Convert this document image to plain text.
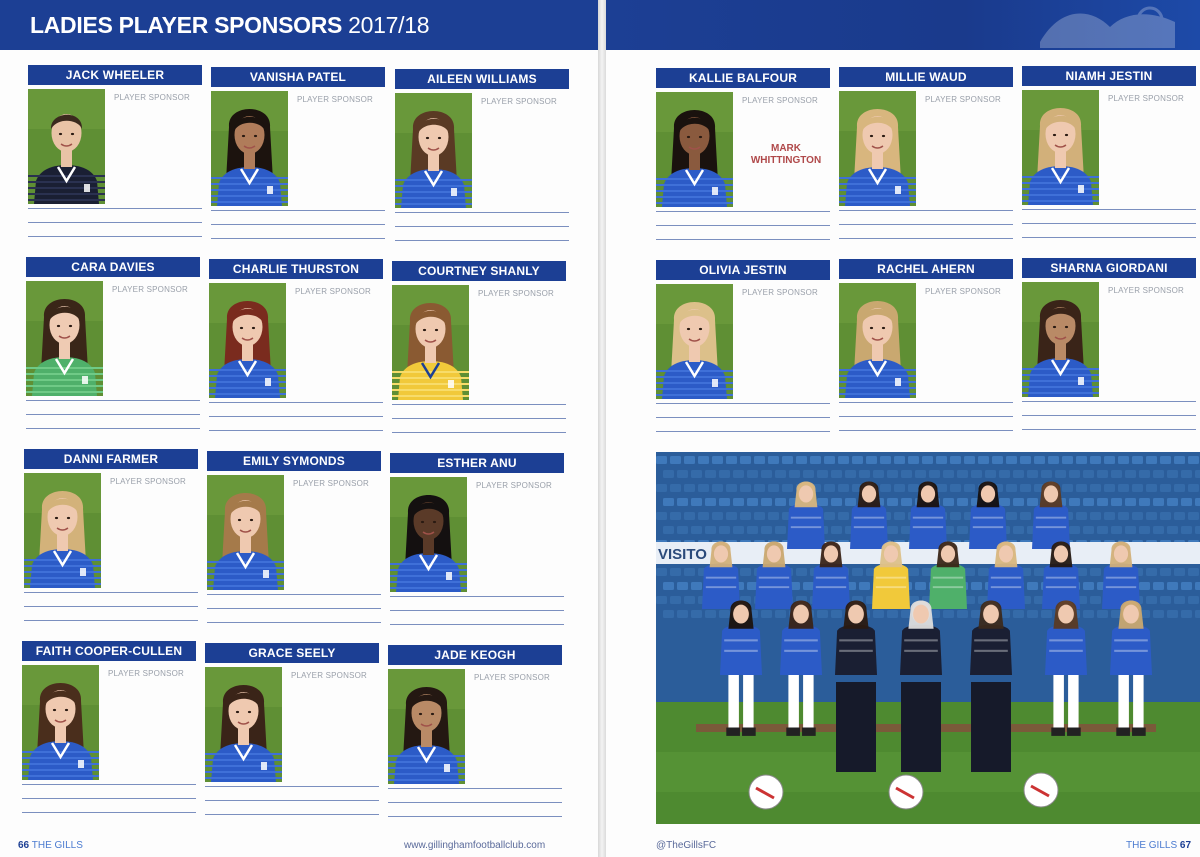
LADIES PLAYER SPONSORS 2017/18
JACK WHEELER
PLAYER SPONSOR
VANISHA PATEL
PLAYER SPONSOR
AILEEN WILLIAMS
PLAYER SPONSOR
CARA DAVIES
PLAYER SPONSOR
CHARLIE THURSTON
PLAYER SPONSOR
COURTNEY SHANLY
PLAYER SPONSOR
DANNI FARMER
PLAYER SPONSOR
EMILY SYMONDS
PLAYER SPONSOR
ESTHER ANU
PLAYER SPONSOR
FAITH COOPER-CULLEN
PLAYER SPONSOR
GRACE SEELY
PLAYER SPONSOR
JADE KEOGH
PLAYER SPONSOR
66 THE GILLS	www.gillinghamfootballclub.com
KALLIE BALFOUR
PLAYER SPONSOR
MARK WHITTINGTON
MILLIE WAUD
PLAYER SPONSOR
NIAMH JESTIN
PLAYER SPONSOR
OLIVIA JESTIN
PLAYER SPONSOR
RACHEL AHERN
PLAYER SPONSOR
SHARNA GIORDANI
PLAYER SPONSOR
VISITO
@TheGillsFC	THE GILLS 67
